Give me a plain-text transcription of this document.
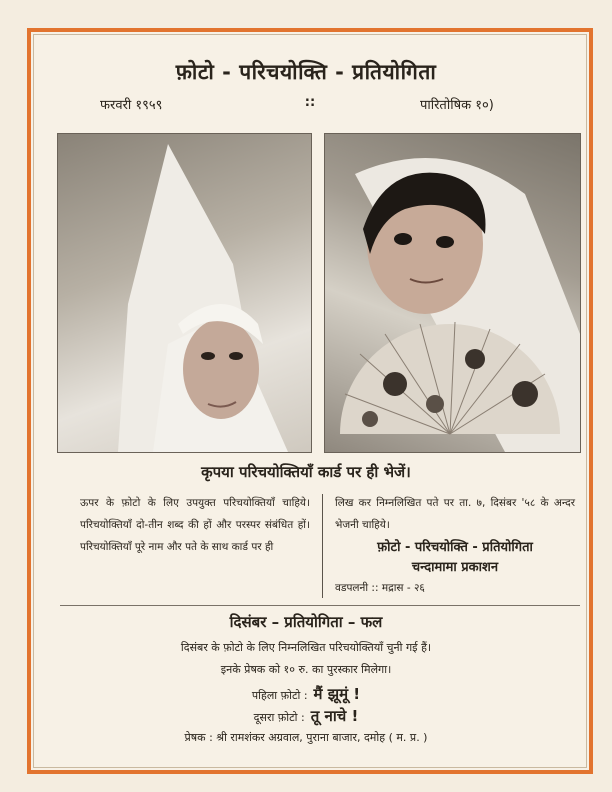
फ़ोटो - परिचयोक्ति - प्रतियोगिता
फरवरी १९५९	::	पारितोषिक १०)
कृपया परिचयोक्तियाँ कार्ड पर ही भेजें।
ऊपर के फ़ोटो के लिए उपयुक्त परिचयोक्तियाँ चाहिये। परिचयोक्तियाँ दो-तीन शब्द की हों और परस्पर संबंधित हों। परिचयोक्तियाँ पूरे नाम और पते के साथ कार्ड पर ही
लिख कर निम्नलिखित पते पर ता. ७, दिसंबर '५८ के अन्दर भेजनी चाहिये।
फ़ोटो - परिचयोक्ति - प्रतियोगिता
चन्दामामा प्रकाशन
वडपलनी :: मद्रास - २६
दिसंबर – प्रतियोगिता – फल
दिसंबर के फ़ोटो के लिए निम्नलिखित परिचयोक्तियाँ चुनी गई हैं।
इनके प्रेषक को १० रु. का पुरस्कार मिलेगा।
पहिला फ़ोटो : मैं झूमूं !
दूसरा फ़ोटो : तू नाचे !
प्रेषक : श्री रामशंकर अग्रवाल, पुराना बाजार, दमोह ( म. प्र. )
